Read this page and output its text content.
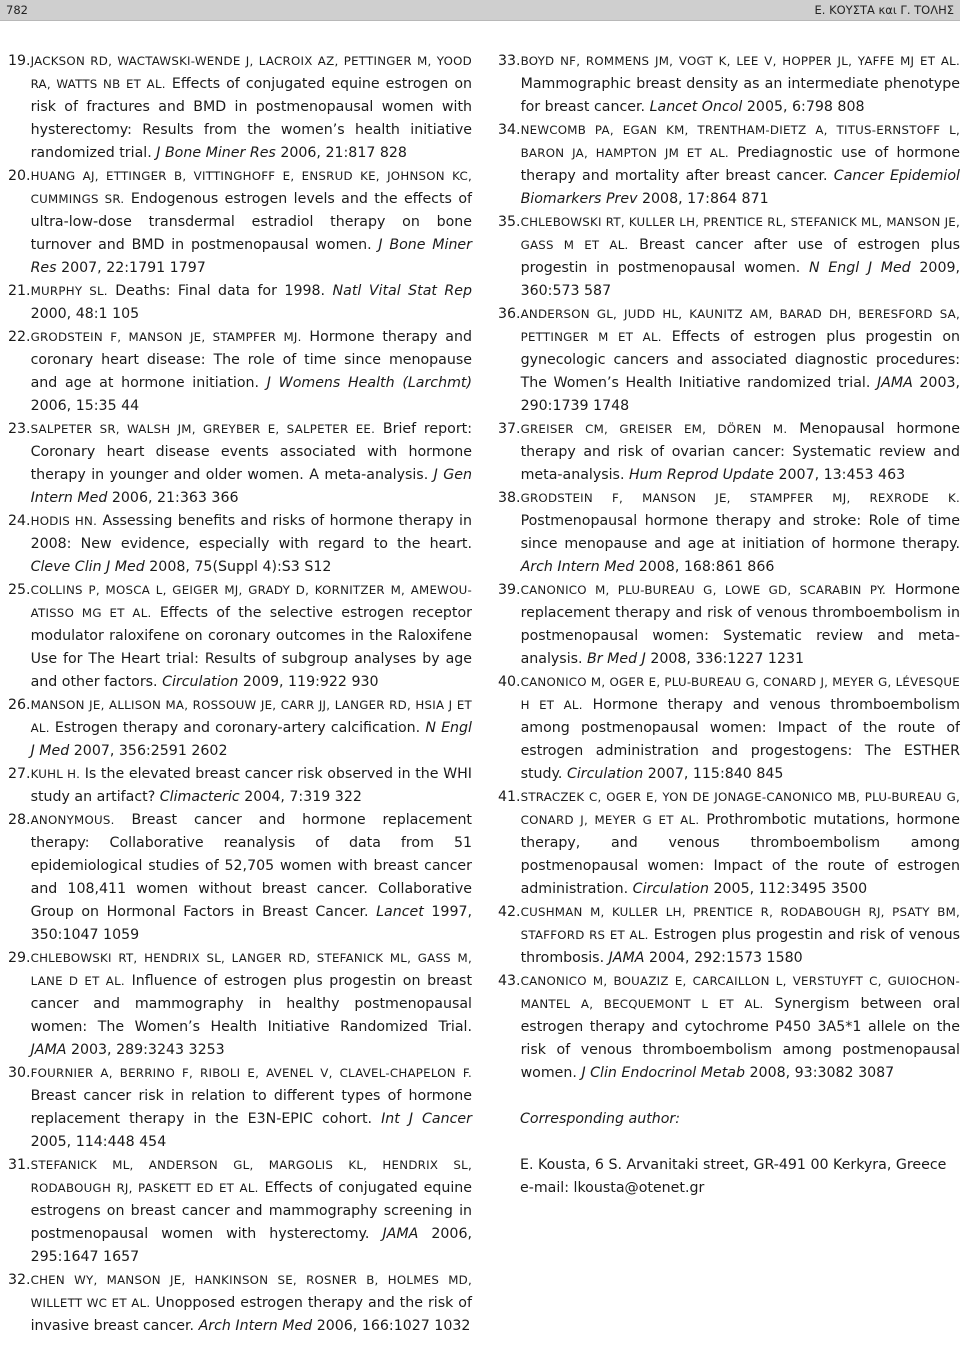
782	Ε. ΚΟΥΣΤΑ και Γ. ΤΟΛΗΣ
19. JACKSON RD, WACTAWSKI-WENDE J, LACROIX AZ, PETTINGER M, YOOD RA, WATTS NB ET AL. Effects of conjugated equine estrogen on risk of fractures and BMD in postmenopausal women with hysterectomy: Results from the women’s health initiative randomized trial. J Bone Miner Res 2006, 21:817 828
20. HUANG AJ, ETTINGER B, VITTINGHOFF E, ENSRUD KE, JOHNSON KC, CUMMINGS SR. Endogenous estrogen levels and the effects of ultra-low-dose transdermal estradiol therapy on bone turnover and BMD in postmenopausal women. J Bone Miner Res 2007, 22:1791 1797
21. MURPHY SL. Deaths: Final data for 1998. Natl Vital Stat Rep 2000, 48:1 105
22. GRODSTEIN F, MANSON JE, STAMPFER MJ. Hormone therapy and coronary heart disease: The role of time since menopause and age at hormone initiation. J Womens Health (Larchmt) 2006, 15:35 44
23. SALPETER SR, WALSH JM, GREYBER E, SALPETER EE. Brief report: Coronary heart disease events associated with hormone therapy in younger and older women. A meta-analysis. J Gen Intern Med 2006, 21:363 366
24. HODIS HN. Assessing benefits and risks of hormone therapy in 2008: New evidence, especially with regard to the heart. Cleve Clin J Med 2008, 75(Suppl 4):S3 S12
25. COLLINS P, MOSCA L, GEIGER MJ, GRADY D, KORNITZER M, AMEWOU-ATISSO MG ET AL. Effects of the selective estrogen receptor modulator raloxifene on coronary outcomes in the Raloxifene Use for The Heart trial: Results of subgroup analyses by age and other factors. Circulation 2009, 119:922 930
26. MANSON JE, ALLISON MA, ROSSOUW JE, CARR JJ, LANGER RD, HSIA J ET AL. Estrogen therapy and coronary-artery calcification. N Engl J Med 2007, 356:2591 2602
27. KUHL H. Is the elevated breast cancer risk observed in the WHI study an artifact? Climacteric 2004, 7:319 322
28. ANONYMOUS. Breast cancer and hormone replacement therapy: Collaborative reanalysis of data from 51 epidemiological studies of 52,705 women with breast cancer and 108,411 women without breast cancer. Collaborative Group on Hormonal Factors in Breast Cancer. Lancet 1997, 350:1047 1059
29. CHLEBOWSKI RT, HENDRIX SL, LANGER RD, STEFANICK ML, GASS M, LANE D ET AL. Influence of estrogen plus progestin on breast cancer and mammography in healthy postmenopausal women: The Women’s Health Initiative Randomized Trial. JAMA 2003, 289:3243 3253
30. FOURNIER A, BERRINO F, RIBOLI E, AVENEL V, CLAVEL-CHAPELON F. Breast cancer risk in relation to different types of hormone replacement therapy in the E3N-EPIC cohort. Int J Cancer 2005, 114:448 454
31. STEFANICK ML, ANDERSON GL, MARGOLIS KL, HENDRIX SL, RODABOUGH RJ, PASKETT ED ET AL. Effects of conjugated equine estrogens on breast cancer and mammography screening in postmenopausal women with hysterectomy. JAMA 2006, 295:1647 1657
32. CHEN WY, MANSON JE, HANKINSON SE, ROSNER B, HOLMES MD, WILLETT WC ET AL. Unopposed estrogen therapy and the risk of invasive breast cancer. Arch Intern Med 2006, 166:1027 1032
33. BOYD NF, ROMMENS JM, VOGT K, LEE V, HOPPER JL, YAFFE MJ ET AL. Mammographic breast density as an intermediate phenotype for breast cancer. Lancet Oncol 2005, 6:798 808
34. NEWCOMB PA, EGAN KM, TRENTHAM-DIETZ A, TITUS-ERNSTOFF L, BARON JA, HAMPTON JM ET AL. Prediagnostic use of hormone therapy and mortality after breast cancer. Cancer Epidemiol Biomarkers Prev 2008, 17:864 871
35. CHLEBOWSKI RT, KULLER LH, PRENTICE RL, STEFANICK ML, MANSON JE, GASS M ET AL. Breast cancer after use of estrogen plus progestin in postmenopausal women. N Engl J Med 2009, 360:573 587
36. ANDERSON GL, JUDD HL, KAUNITZ AM, BARAD DH, BERESFORD SA, PETTINGER M ET AL. Effects of estrogen plus progestin on gynecologic cancers and associated diagnostic procedures: The Women’s Health Initiative randomized trial. JAMA 2003, 290:1739 1748
37. GREISER CM, GREISER EM, DÖREN M. Menopausal hormone therapy and risk of ovarian cancer: Systematic review and meta-analysis. Hum Reprod Update 2007, 13:453 463
38. GRODSTEIN F, MANSON JE, STAMPFER MJ, REXRODE K. Postmenopausal hormone therapy and stroke: Role of time since menopause and age at initiation of hormone therapy. Arch Intern Med 2008, 168:861 866
39. CANONICO M, PLU-BUREAU G, LOWE GD, SCARABIN PY. Hormone replacement therapy and risk of venous thromboembolism in postmenopausal women: Systematic review and meta-analysis. Br Med J 2008, 336:1227 1231
40. CANONICO M, OGER E, PLU-BUREAU G, CONARD J, MEYER G, LÉVESQUE H ET AL. Hormone therapy and venous thromboembolism among postmenopausal women: Impact of the route of estrogen administration and progestogens: The ESTHER study. Circulation 2007, 115:840 845
41. STRACZEK C, OGER E, YON DE JONAGE-CANONICO MB, PLU-BUREAU G, CONARD J, MEYER G ET AL. Prothrombotic mutations, hormone therapy, and venous thromboembolism among postmenopausal women: Impact of the route of estrogen administration. Circulation 2005, 112:3495 3500
42. CUSHMAN M, KULLER LH, PRENTICE R, RODABOUGH RJ, PSATY BM, STAFFORD RS ET AL. Estrogen plus progestin and risk of venous thrombosis. JAMA 2004, 292:1573 1580
43. CANONICO M, BOUAZIZ E, CARCAILLON L, VERSTUYFT C, GUIOCHON-MANTEL A, BECQUEMONT L ET AL. Synergism between oral estrogen therapy and cytochrome P450 3A5*1 allele on the risk of venous thromboembolism among postmenopausal women. J Clin Endocrinol Metab 2008, 93:3082 3087
Corresponding author:
E. Kousta, 6 S. Arvanitaki street, GR-491 00 Kerkyra, Greece
e-mail: lkousta@otenet.gr
